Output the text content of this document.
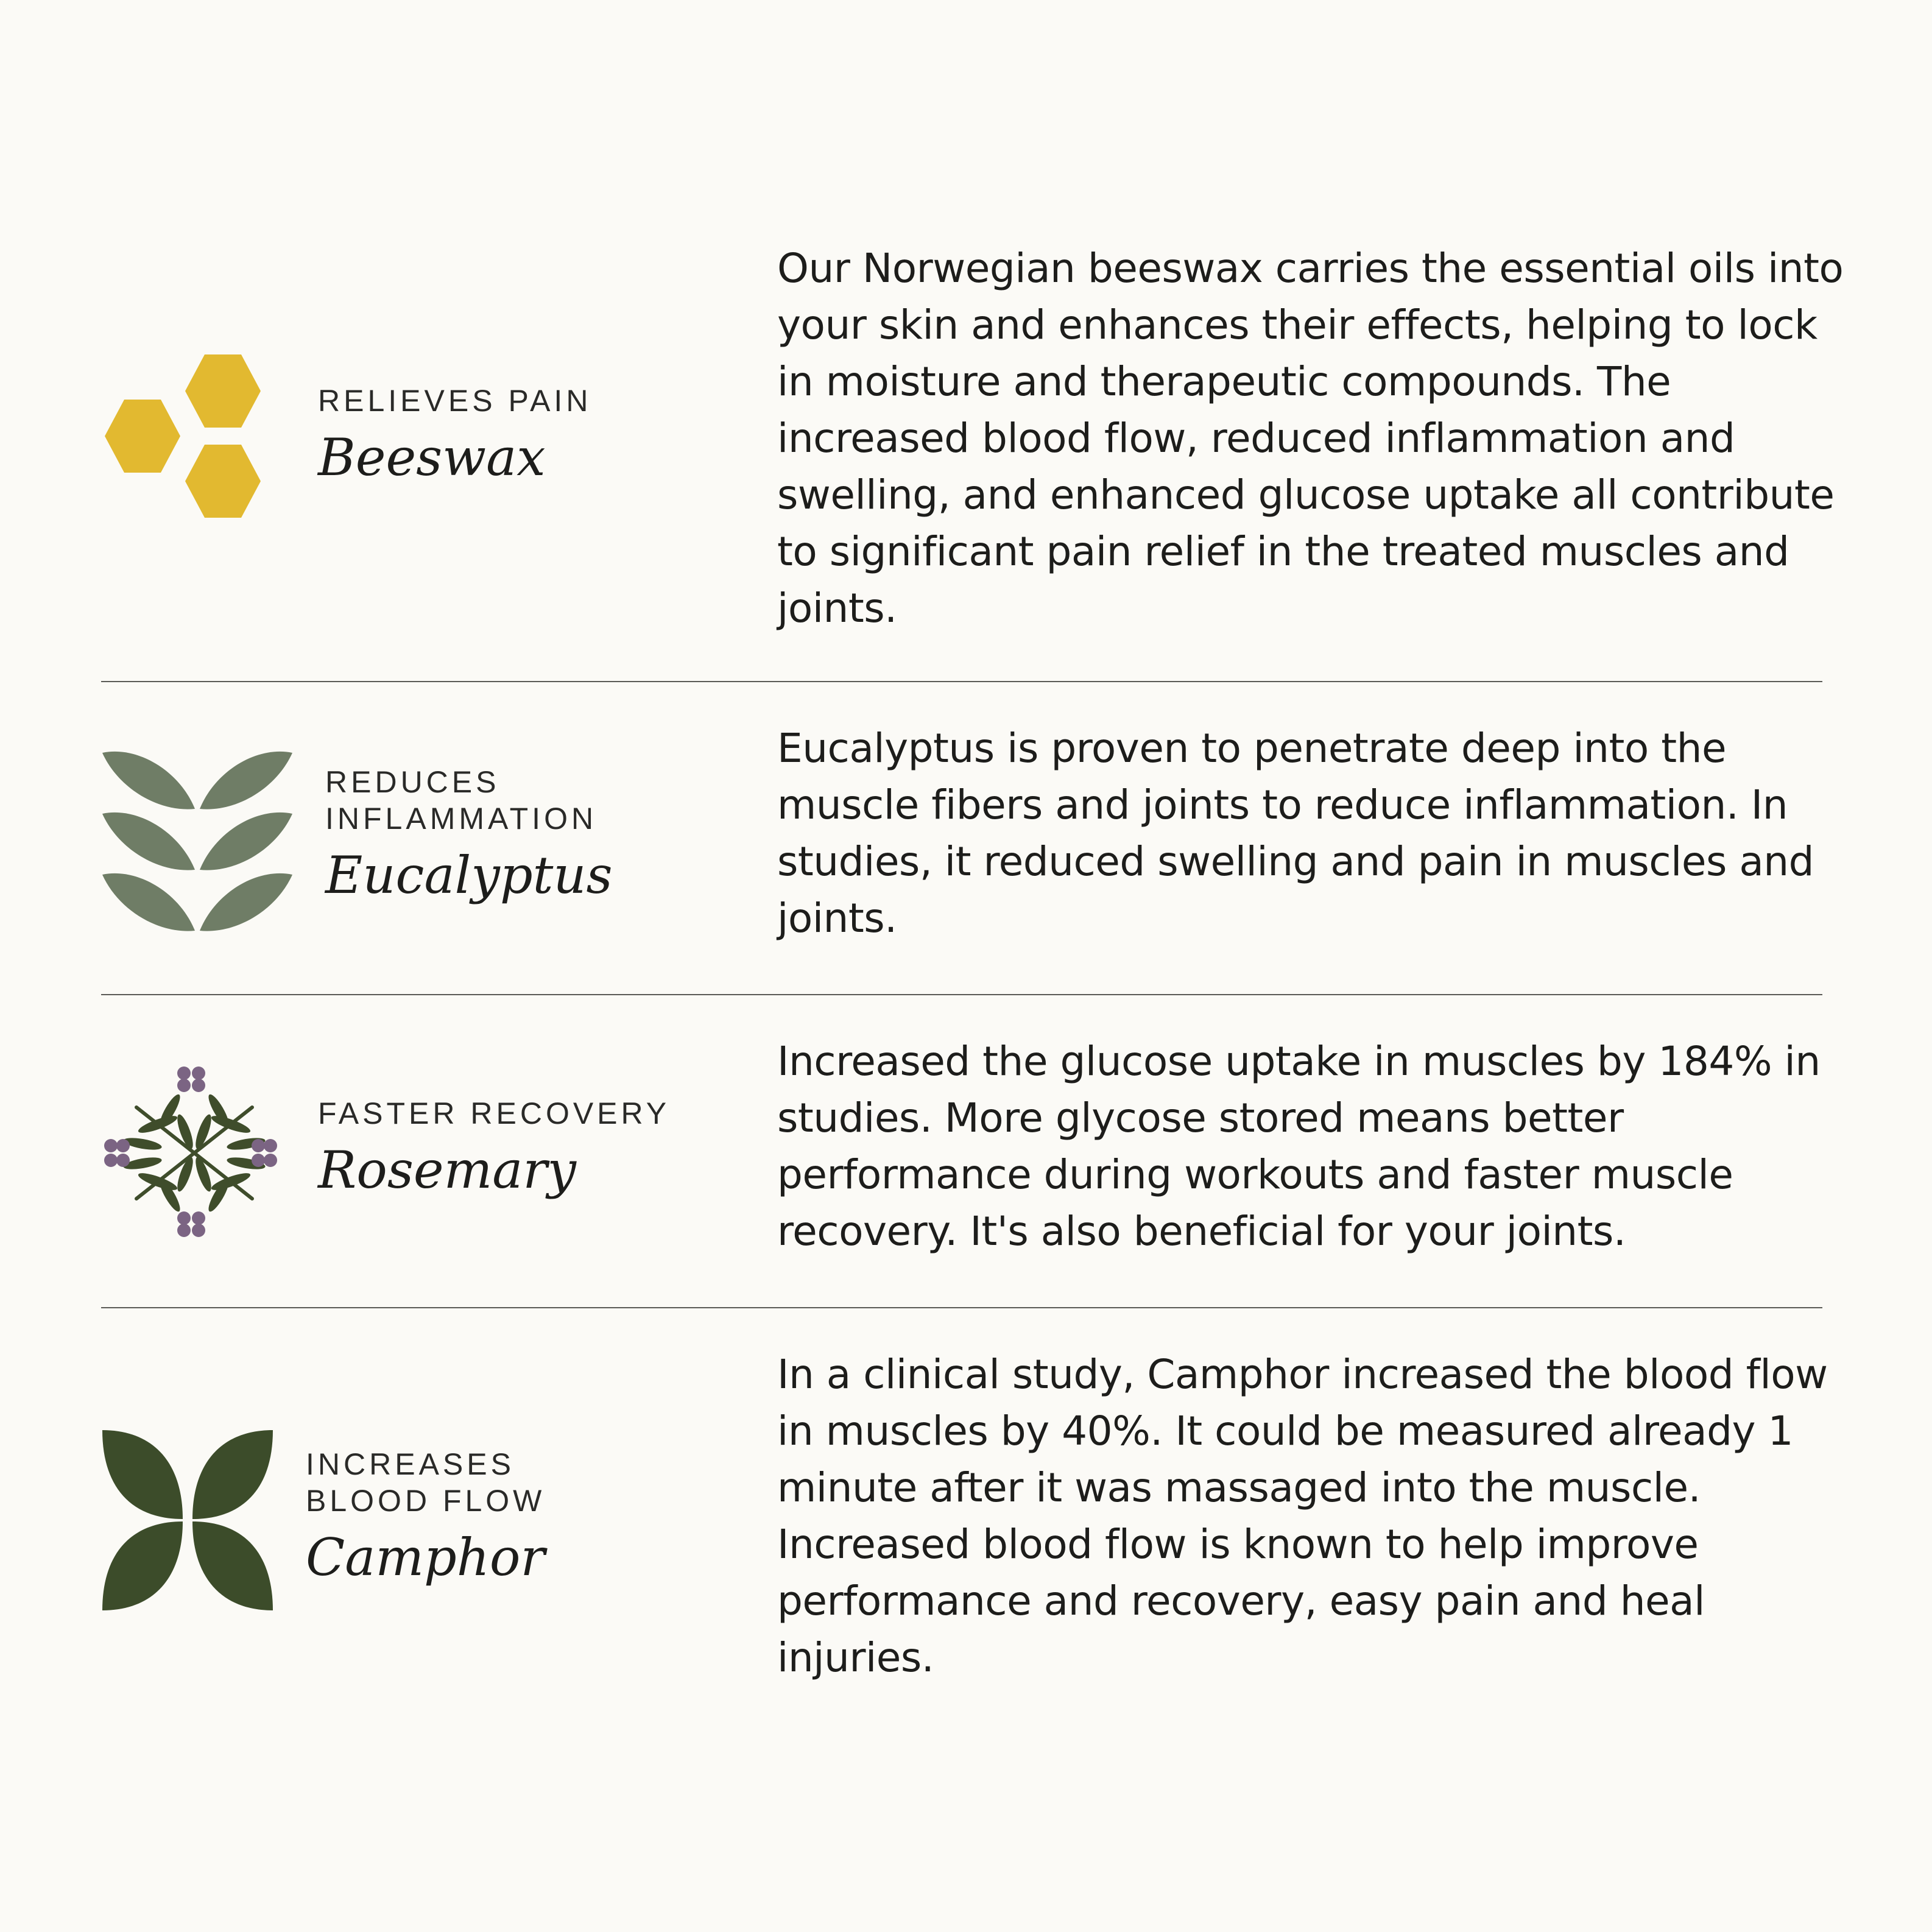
RELIEVES PAIN
Beeswax
Our Norwegian beeswax carries the essential oils into your skin and enhances their effects, helping to lock in moisture and therapeutic compounds. The increased blood flow, reduced inflammation and swelling, and enhanced glucose uptake all contribute to significant pain relief in the treated muscles and joints.
REDUCES
INFLAMMATION
Eucalyptus
Eucalyptus is proven to penetrate deep into the muscle fibers and joints to reduce inflammation. In studies, it reduced swelling and pain in muscles and joints.
FASTER RECOVERY
Rosemary
Increased the glucose uptake in muscles by 184% in studies. More glycose stored means better performance during workouts and faster muscle recovery. It's also beneficial for your joints.
INCREASES
BLOOD FLOW
Camphor
In a clinical study, Camphor increased the blood flow in muscles by 40%. It could be measured already 1 minute after it was massaged into the muscle. Increased blood flow is known to help improve performance and recovery, easy pain and heal injuries.
